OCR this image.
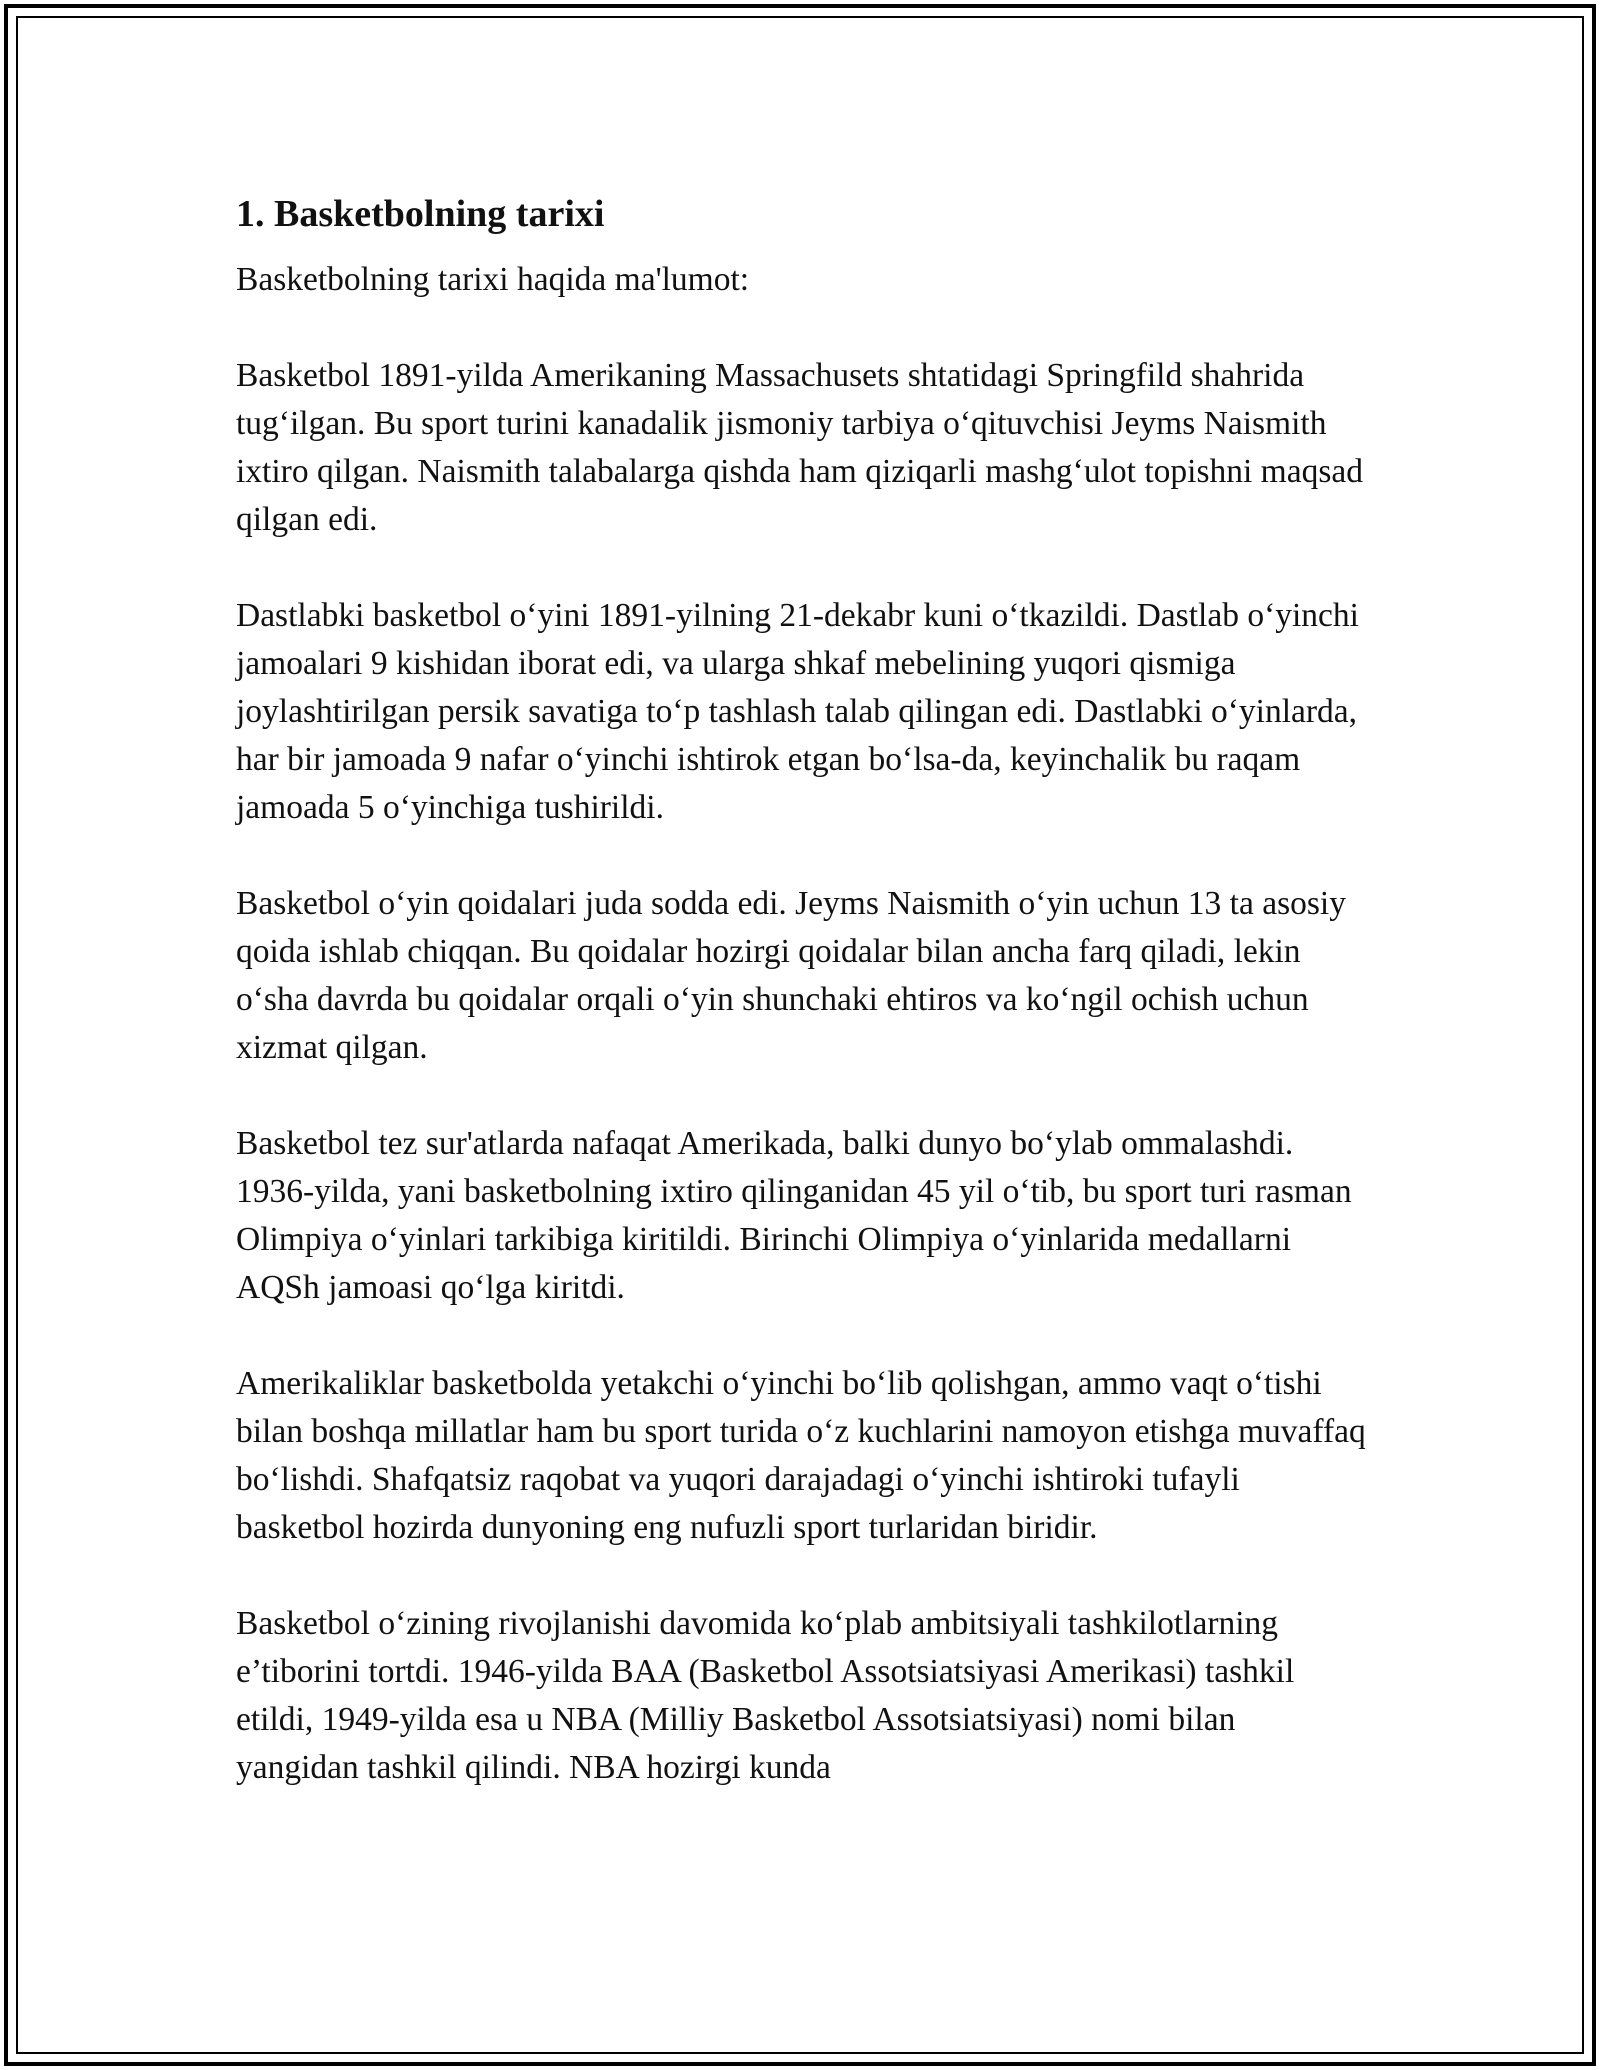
1. Basketbolning tarixi

Basketbolning tarixi haqida ma'lumot:

Basketbol 1891-yilda Amerikaning Massachusets shtatidagi Springfild shahrida tug‘ilgan. Bu sport turini kanadalik jismoniy tarbiya o‘qituvchisi Jeyms Naismith ixtiro qilgan. Naismith talabalarga qishda ham qiziqarli mashg‘ulot topishni maqsad qilgan edi.

Dastlabki basketbol o‘yini 1891-yilning 21-dekabr kuni o‘tkazildi. Dastlab o‘yinchi jamoalari 9 kishidan iborat edi, va ularga shkaf mebelining yuqori qismiga joylashtirilgan persik savatiga to‘p tashlash talab qilingan edi. Dastlabki o‘yinlarda, har bir jamoada 9 nafar o‘yinchi ishtirok etgan bo‘lsa-da, keyinchalik bu raqam jamoada 5 o‘yinchiga tushirildi.

Basketbol o‘yin qoidalari juda sodda edi. Jeyms Naismith o‘yin uchun 13 ta asosiy qoida ishlab chiqqan. Bu qoidalar hozirgi qoidalar bilan ancha farq qiladi, lekin o‘sha davrda bu qoidalar orqali o‘yin shunchaki ehtiros va ko‘ngil ochish uchun xizmat qilgan.

Basketbol tez sur'atlarda nafaqat Amerikada, balki dunyo bo‘ylab ommalashdi. 1936-yilda, yani basketbolning ixtiro qilinganidan 45 yil o‘tib, bu sport turi rasman Olimpiya o‘yinlari tarkibiga kiritildi. Birinchi Olimpiya o‘yinlarida medallarni AQSh jamoasi qo‘lga kiritdi.

Amerikaliklar basketbolda yetakchi o‘yinchi bo‘lib qolishgan, ammo vaqt o‘tishi bilan boshqa millatlar ham bu sport turida o‘z kuchlarini namoyon etishga muvaffaq bo‘lishdi. Shafqatsiz raqobat va yuqori darajadagi o‘yinchi ishtiroki tufayli basketbol hozirda dunyoning eng nufuzli sport turlaridan biridir.

Basketbol o‘zining rivojlanishi davomida ko‘plab ambitsiyali tashkilotlarning e’tiborini tortdi. 1946-yilda BAA (Basketbol Assotsiatsiyasi Amerikasi) tashkil etildi, 1949-yilda esa u NBA (Milliy Basketbol Assotsiatsiyasi) nomi bilan yangidan tashkil qilindi. NBA hozirgi kunda
